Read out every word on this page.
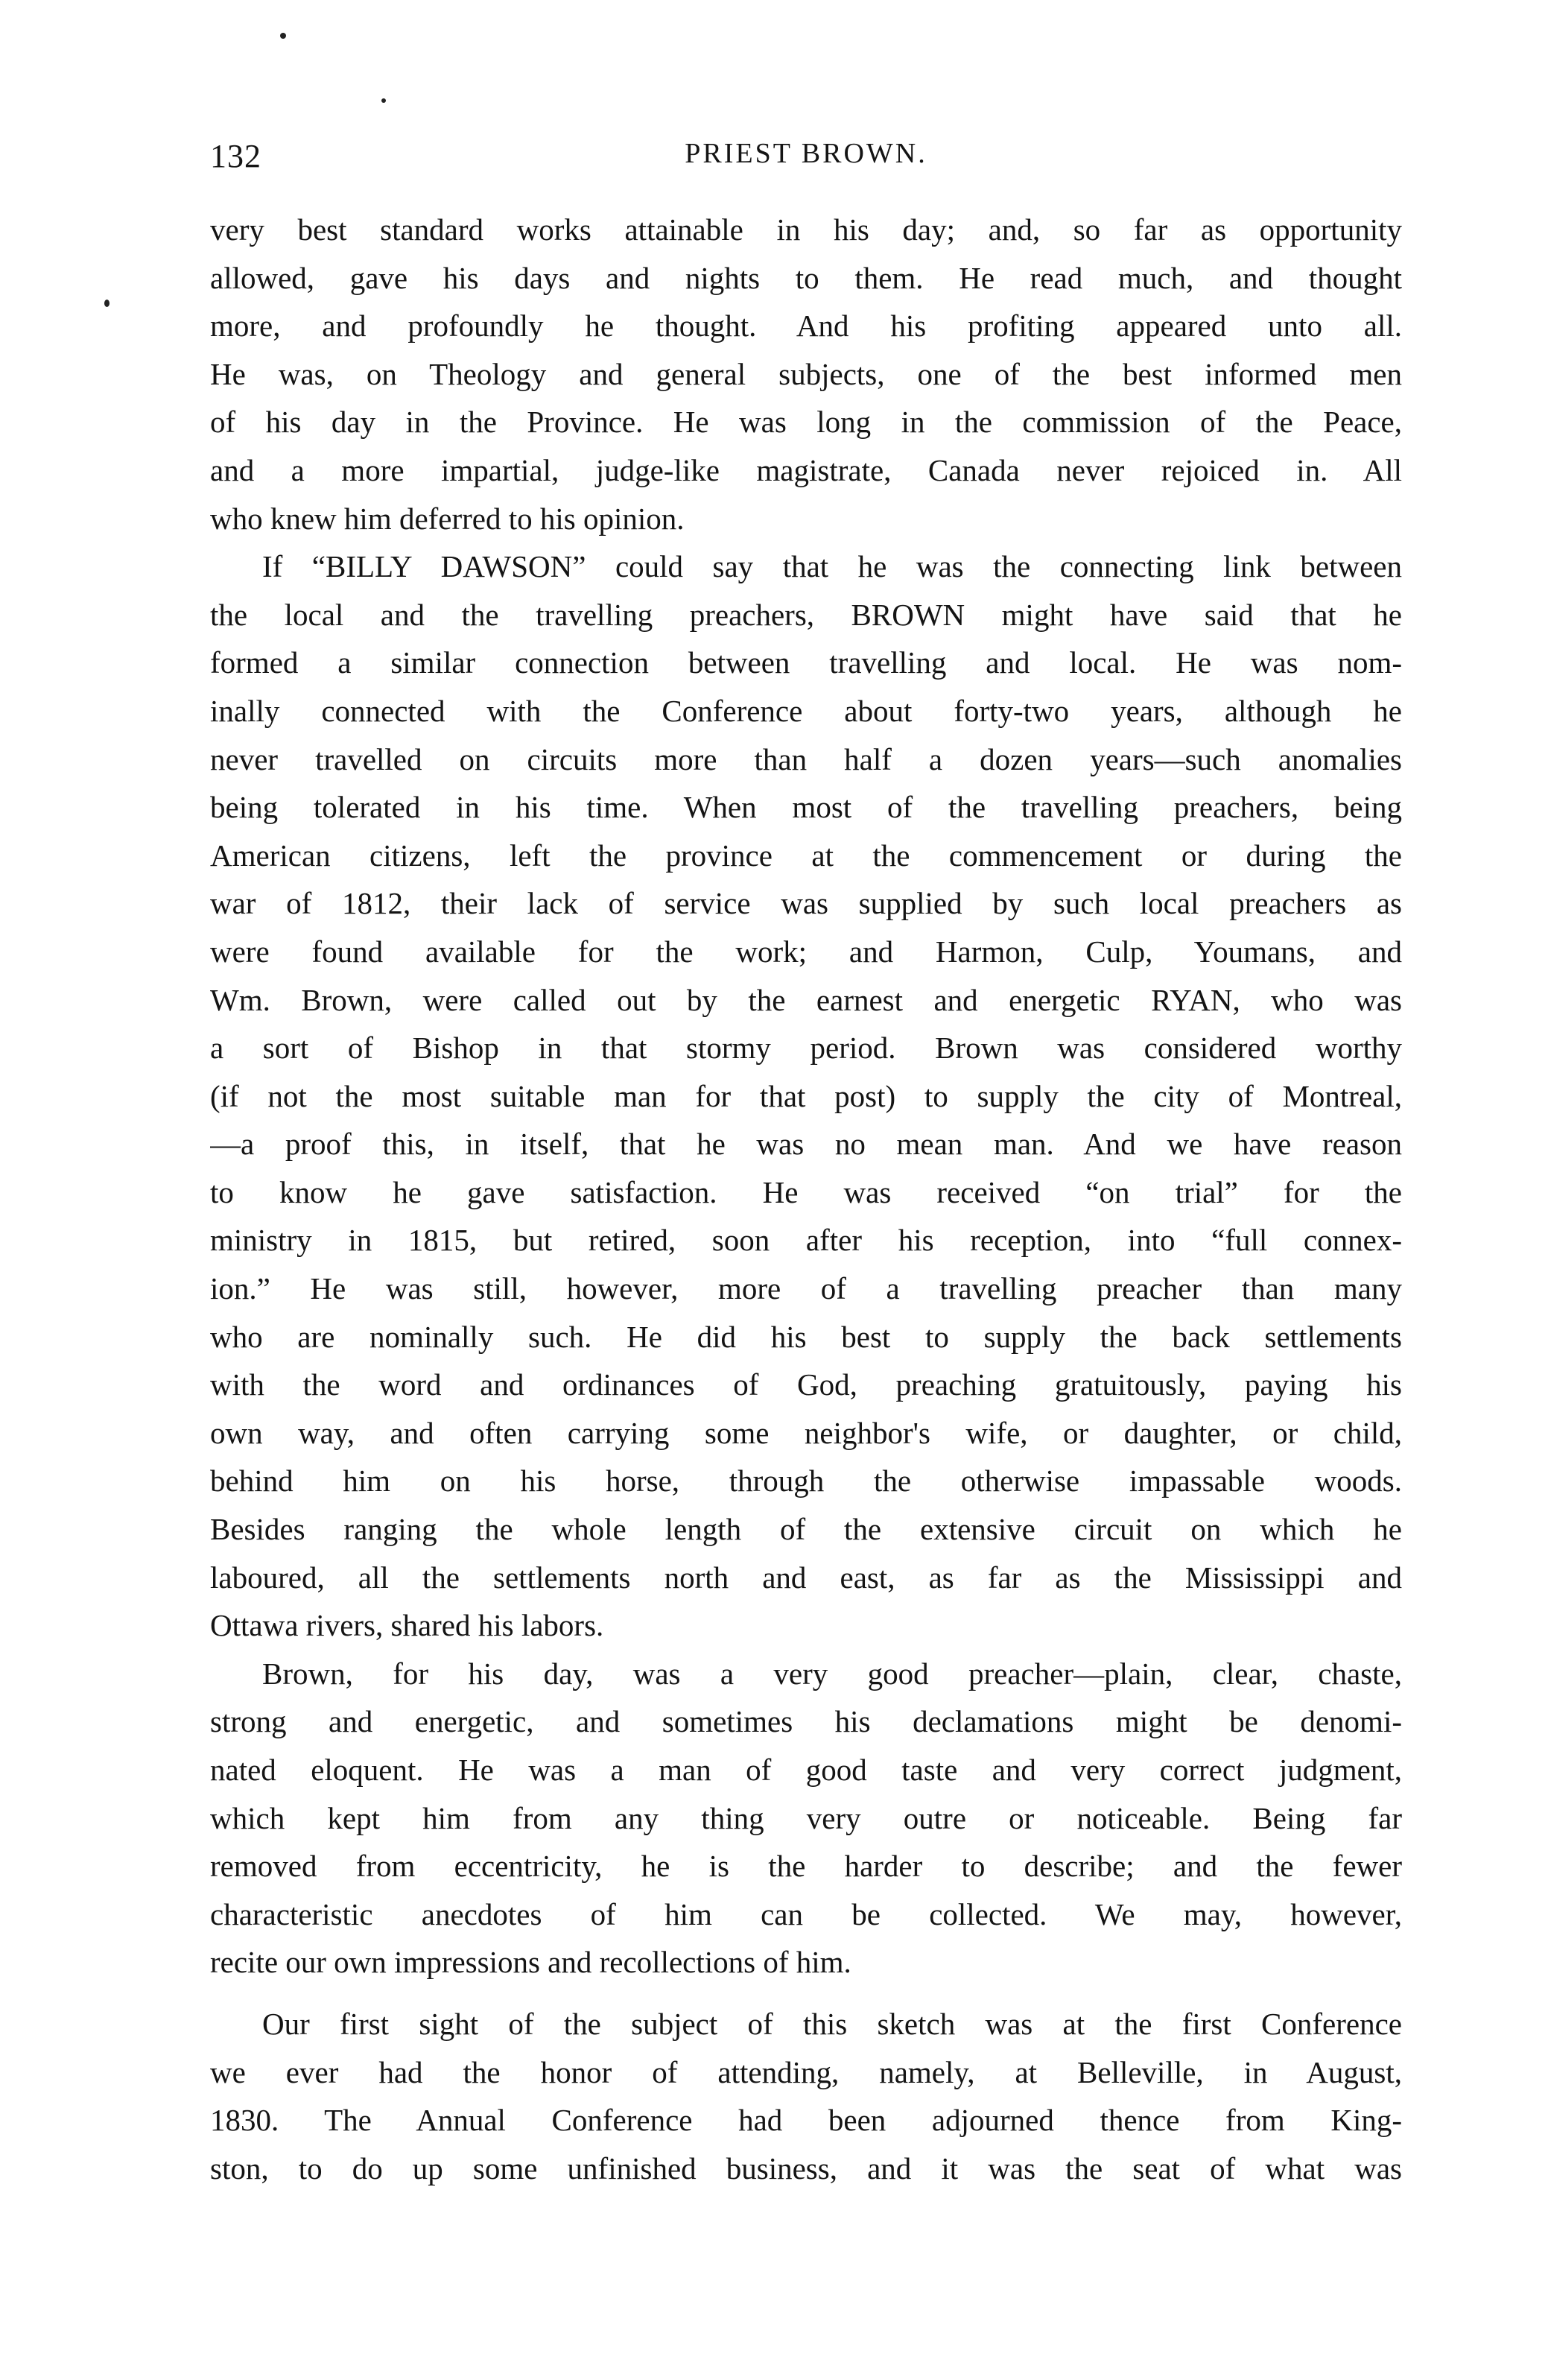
132	PRIEST BROWN.
very best standard works attainable in his day; and, so far as opportunity
allowed, gave his days and nights to them. He read much, and thought
more, and profoundly he thought. And his profiting appeared unto all.
He was, on Theology and general subjects, one of the best informed men
of his day in the Province. He was long in the commission of the Peace,
and a more impartial, judge-like magistrate, Canada never rejoiced in. All
who knew him deferred to his opinion.
If “BILLY DAWSON” could say that he was the connecting link between
the local and the travelling preachers, BROWN might have said that he
formed a similar connection between travelling and local. He was nom-
inally connected with the Conference about forty-two years, although he
never travelled on circuits more than half a dozen years—such anomalies
being tolerated in his time. When most of the travelling preachers, being
American citizens, left the province at the commencement or during the
war of 1812, their lack of service was supplied by such local preachers as
were found available for the work; and Harmon, Culp, Youmans, and
Wm. Brown, were called out by the earnest and energetic RYAN, who was
a sort of Bishop in that stormy period. Brown was considered worthy
(if not the most suitable man for that post) to supply the city of Montreal,
—a proof this, in itself, that he was no mean man. And we have reason
to know he gave satisfaction. He was received “on trial” for the
ministry in 1815, but retired, soon after his reception, into “full connex-
ion.” He was still, however, more of a travelling preacher than many
who are nominally such. He did his best to supply the back settlements
with the word and ordinances of God, preaching gratuitously, paying his
own way, and often carrying some neighbor's wife, or daughter, or child,
behind him on his horse, through the otherwise impassable woods.
Besides ranging the whole length of the extensive circuit on which he
laboured, all the settlements north and east, as far as the Mississippi and
Ottawa rivers, shared his labors.
Brown, for his day, was a very good preacher—plain, clear, chaste,
strong and energetic, and sometimes his declamations might be denomi-
nated eloquent. He was a man of good taste and very correct judgment,
which kept him from any thing very outre or noticeable. Being far
removed from eccentricity, he is the harder to describe; and the fewer
characteristic anecdotes of him can be collected. We may, however,
recite our own impressions and recollections of him.
Our first sight of the subject of this sketch was at the first Conference
we ever had the honor of attending, namely, at Belleville, in August,
1830. The Annual Conference had been adjourned thence from King-
ston, to do up some unfinished business, and it was the seat of what was
